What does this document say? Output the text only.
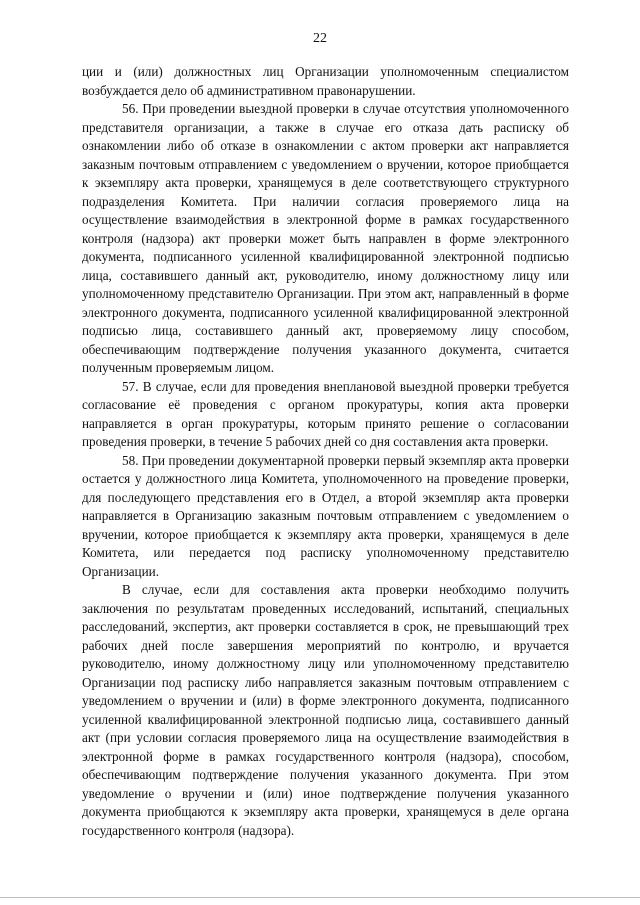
22

ции и (или) должностных лиц Организации уполномоченным специалистом возбуждается дело об административном правонарушении.

56. При проведении выездной проверки в случае отсутствия уполномоченного представителя организации, а также в случае его отказа дать расписку об ознакомлении либо об отказе в ознакомлении с актом проверки акт направляется заказным почтовым отправлением с уведомлением о вручении, которое приобщается к экземпляру акта проверки, хранящемуся в деле соответствующего структурного подразделения Комитета. При наличии согласия проверяемого лица на осуществление взаимодействия в электронной форме в рамках государственного контроля (надзора) акт проверки может быть направлен в форме электронного документа, подписанного усиленной квалифицированной электронной подписью лица, составившего данный акт, руководителю, иному должностному лицу или уполномоченному представителю Организации. При этом акт, направленный в форме электронного документа, подписанного усиленной квалифицированной электронной подписью лица, составившего данный акт, проверяемому лицу способом, обеспечивающим подтверждение получения указанного документа, считается полученным проверяемым лицом.

57. В случае, если для проведения внеплановой выездной проверки требуется согласование её проведения с органом прокуратуры, копия акта проверки направляется в орган прокуратуры, которым принято решение о согласовании проведения проверки, в течение 5 рабочих дней со дня составления акта проверки.

58. При проведении документарной проверки первый экземпляр акта проверки остается у должностного лица Комитета, уполномоченного на проведение проверки, для последующего представления его в Отдел, а второй экземпляр акта проверки направляется в Организацию заказным почтовым отправлением с уведомлением о вручении, которое приобщается к экземпляру акта проверки, хранящемуся в деле Комитета, или передается под расписку уполномоченному представителю Организации.

В случае, если для составления акта проверки необходимо получить заключения по результатам проведенных исследований, испытаний, специальных расследований, экспертиз, акт проверки составляется в срок, не превышающий трех рабочих дней после завершения мероприятий по контролю, и вручается руководителю, иному должностному лицу или уполномоченному представителю Организации под расписку либо направляется заказным почтовым отправлением с уведомлением о вручении и (или) в форме электронного документа, подписанного усиленной квалифицированной электронной подписью лица, составившего данный акт (при условии согласия проверяемого лица на осуществление взаимодействия в электронной форме в рамках государственного контроля (надзора), способом, обеспечивающим подтверждение получения указанного документа. При этом уведомление о вручении и (или) иное подтверждение получения указанного документа приобщаются к экземпляру акта проверки, хранящемуся в деле органа государственного контроля (надзора).
